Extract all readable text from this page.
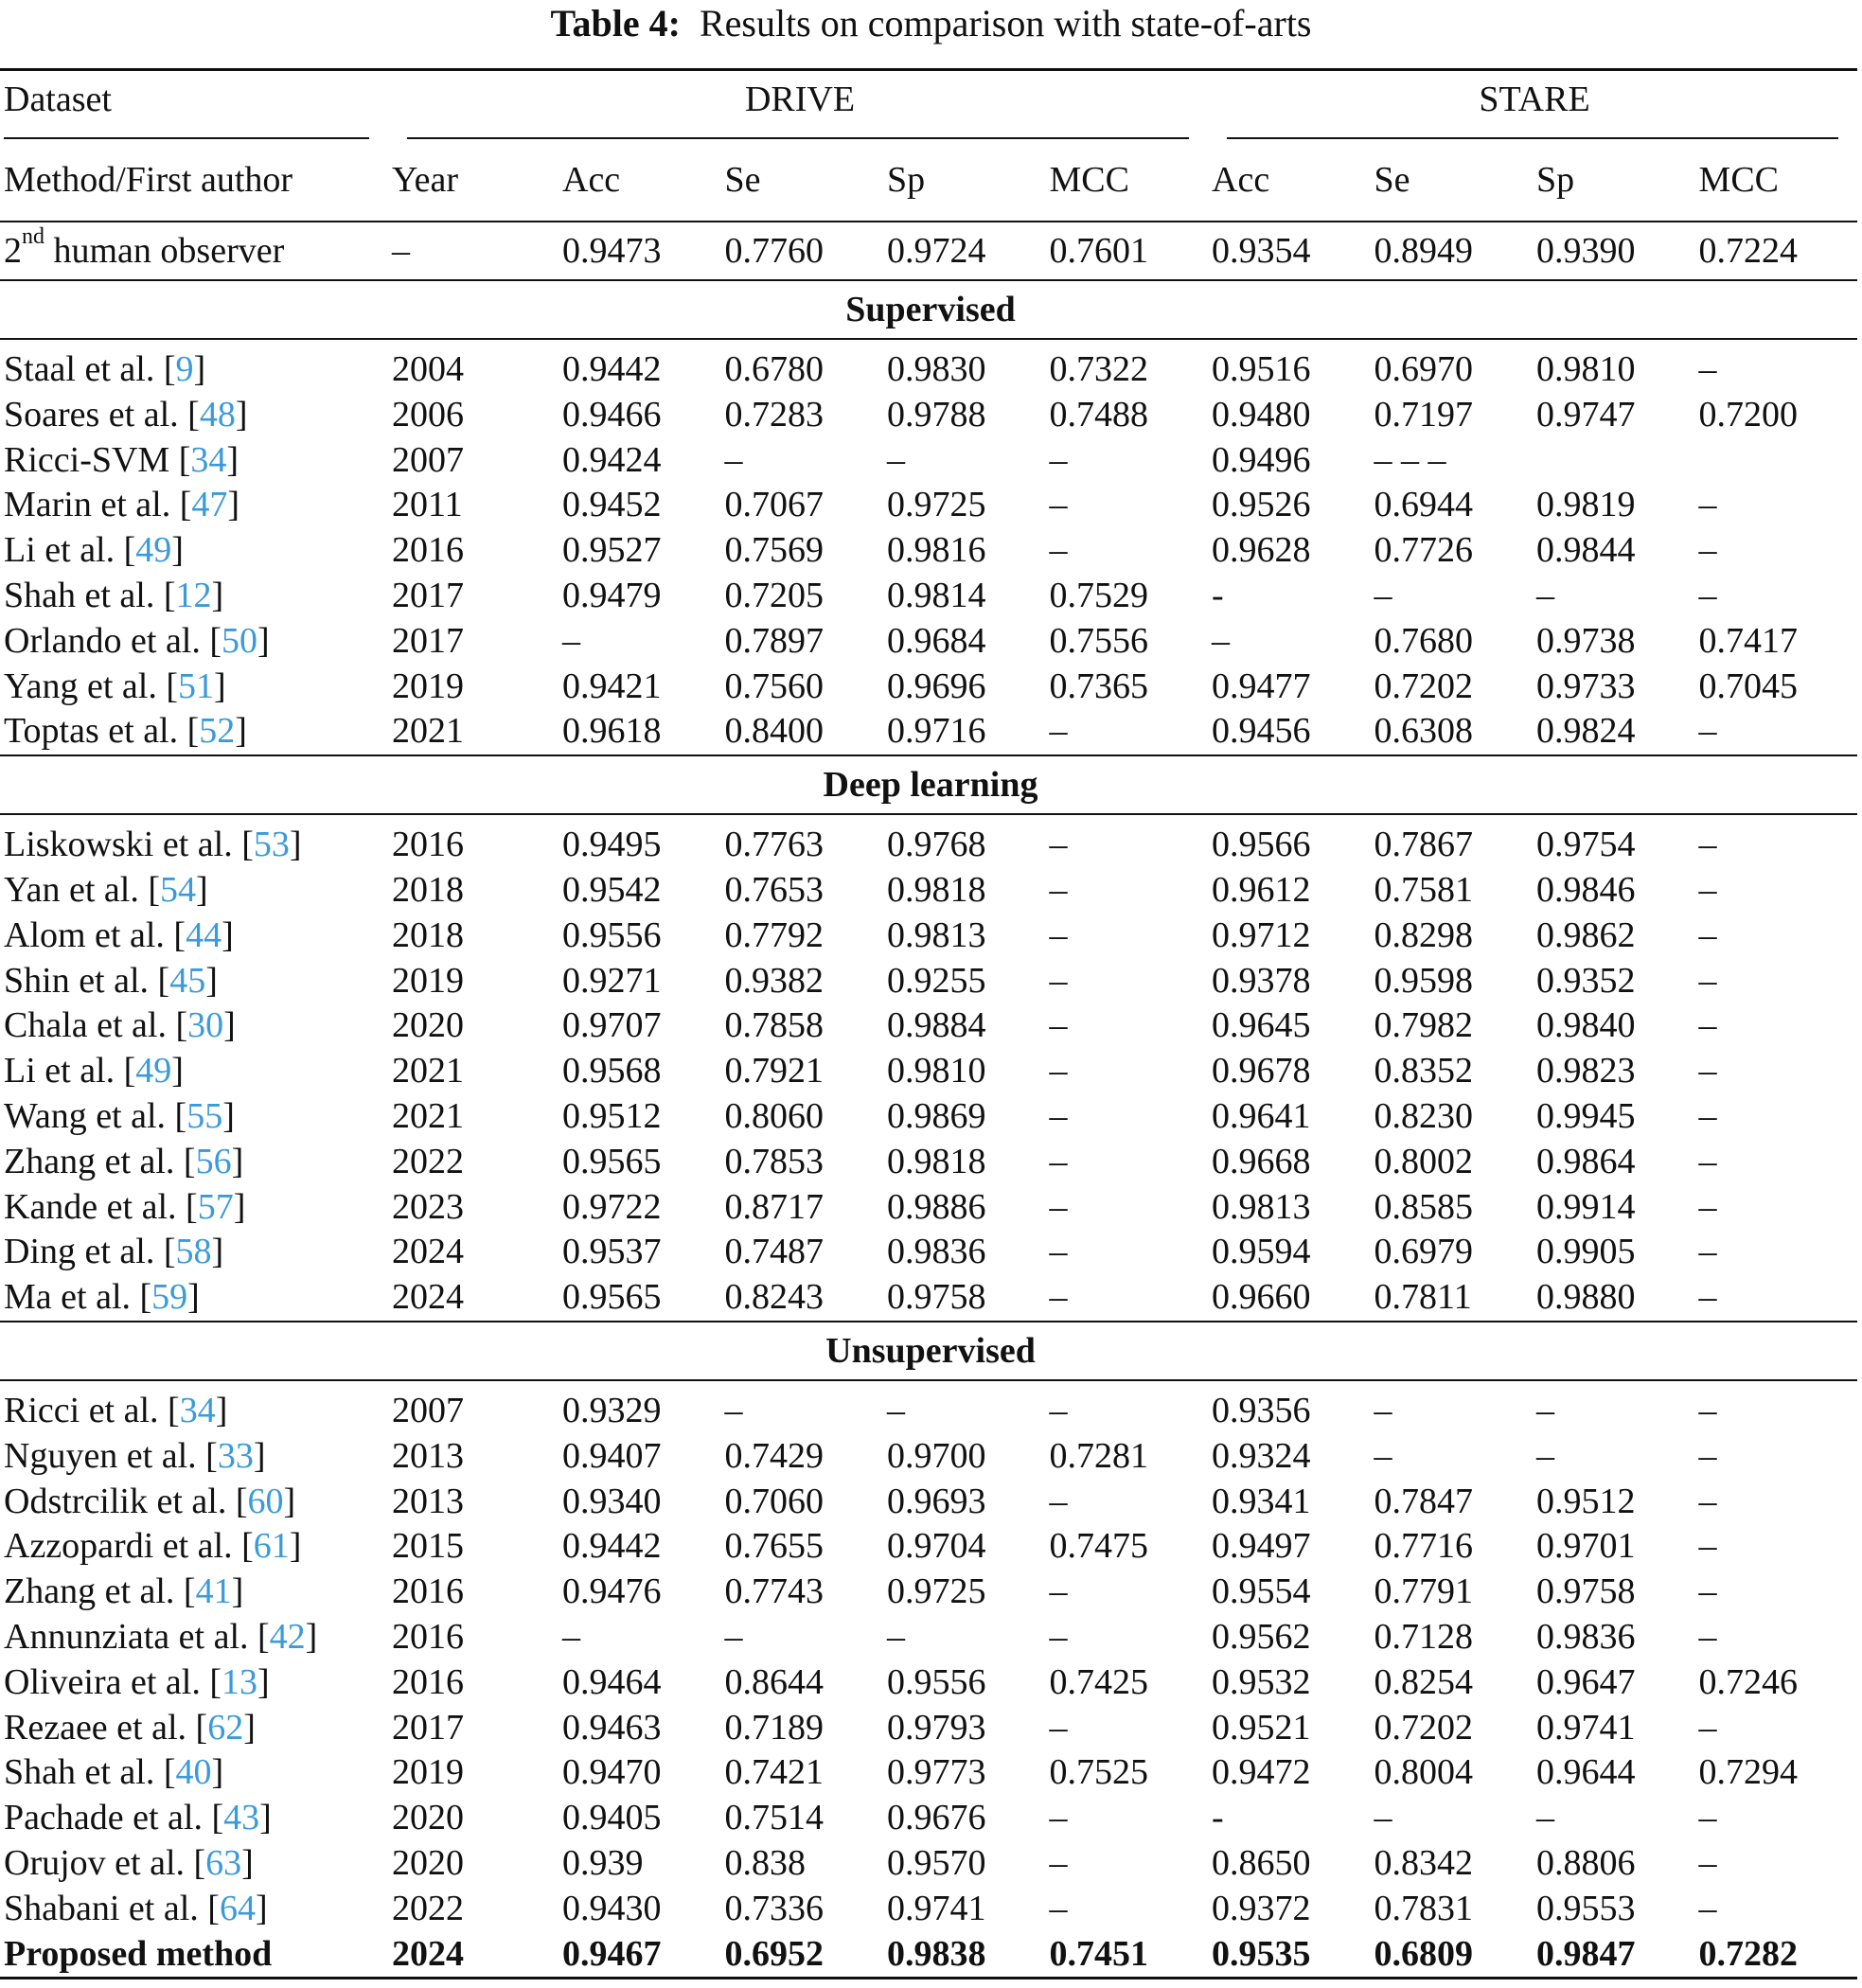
Table 4: Results on comparison with state-of-arts
Dataset	DRIVE					STARE			
Method/First author	Year	Acc	Se	Sp	MCC	Acc	Se	Sp	MCC
2nd human observer	–	0.9473	0.7760	0.9724	0.7601	0.9354	0.8949	0.9390	0.7224
Supervised									
Staal et al. [9]	2004	0.9442	0.6780	0.9830	0.7322	0.9516	0.6970	0.9810	–
Soares et al. [48]	2006	0.9466	0.7283	0.9788	0.7488	0.9480	0.7197	0.9747	0.7200
Ricci-SVM [34]	2007	0.9424	–	–	–	0.9496	– – –		
Marin et al. [47]	2011	0.9452	0.7067	0.9725	–	0.9526	0.6944	0.9819	–
Li et al. [49]	2016	0.9527	0.7569	0.9816	–	0.9628	0.7726	0.9844	–
Shah et al. [12]	2017	0.9479	0.7205	0.9814	0.7529	-	–	–	–
Orlando et al. [50]	2017	–	0.7897	0.9684	0.7556	–	0.7680	0.9738	0.7417
Yang et al. [51]	2019	0.9421	0.7560	0.9696	0.7365	0.9477	0.7202	0.9733	0.7045
Toptas et al. [52]	2021	0.9618	0.8400	0.9716	–	0.9456	0.6308	0.9824	–
Deep learning									
Liskowski et al. [53]	2016	0.9495	0.7763	0.9768	–	0.9566	0.7867	0.9754	–
Yan et al. [54]	2018	0.9542	0.7653	0.9818	–	0.9612	0.7581	0.9846	–
Alom et al. [44]	2018	0.9556	0.7792	0.9813	–	0.9712	0.8298	0.9862	–
Shin et al. [45]	2019	0.9271	0.9382	0.9255	–	0.9378	0.9598	0.9352	–
Chala et al. [30]	2020	0.9707	0.7858	0.9884	–	0.9645	0.7982	0.9840	–
Li et al. [49]	2021	0.9568	0.7921	0.9810	–	0.9678	0.8352	0.9823	–
Wang et al. [55]	2021	0.9512	0.8060	0.9869	–	0.9641	0.8230	0.9945	–
Zhang et al. [56]	2022	0.9565	0.7853	0.9818	–	0.9668	0.8002	0.9864	–
Kande et al. [57]	2023	0.9722	0.8717	0.9886	–	0.9813	0.8585	0.9914	–
Ding et al. [58]	2024	0.9537	0.7487	0.9836	–	0.9594	0.6979	0.9905	–
Ma et al. [59]	2024	0.9565	0.8243	0.9758	–	0.9660	0.7811	0.9880	–
Unsupervised									
Ricci et al. [34]	2007	0.9329	–	–	–	0.9356	–	–	–
Nguyen et al. [33]	2013	0.9407	0.7429	0.9700	0.7281	0.9324	–	–	–
Odstrcilik et al. [60]	2013	0.9340	0.7060	0.9693	–	0.9341	0.7847	0.9512	–
Azzopardi et al. [61]	2015	0.9442	0.7655	0.9704	0.7475	0.9497	0.7716	0.9701	–
Zhang et al. [41]	2016	0.9476	0.7743	0.9725	–	0.9554	0.7791	0.9758	–
Annunziata et al. [42]	2016	–	–	–	–	0.9562	0.7128	0.9836	–
Oliveira et al. [13]	2016	0.9464	0.8644	0.9556	0.7425	0.9532	0.8254	0.9647	0.7246
Rezaee et al. [62]	2017	0.9463	0.7189	0.9793	–	0.9521	0.7202	0.9741	–
Shah et al. [40]	2019	0.9470	0.7421	0.9773	0.7525	0.9472	0.8004	0.9644	0.7294
Pachade et al. [43]	2020	0.9405	0.7514	0.9676	–	-	–	–	–
Orujov et al. [63]	2020	0.939	0.838	0.9570	–	0.8650	0.8342	0.8806	–
Shabani et al. [64]	2022	0.9430	0.7336	0.9741	–	0.9372	0.7831	0.9553	–
Proposed method	2024	0.9467	0.6952	0.9838	0.7451	0.9535	0.6809	0.9847	0.7282
